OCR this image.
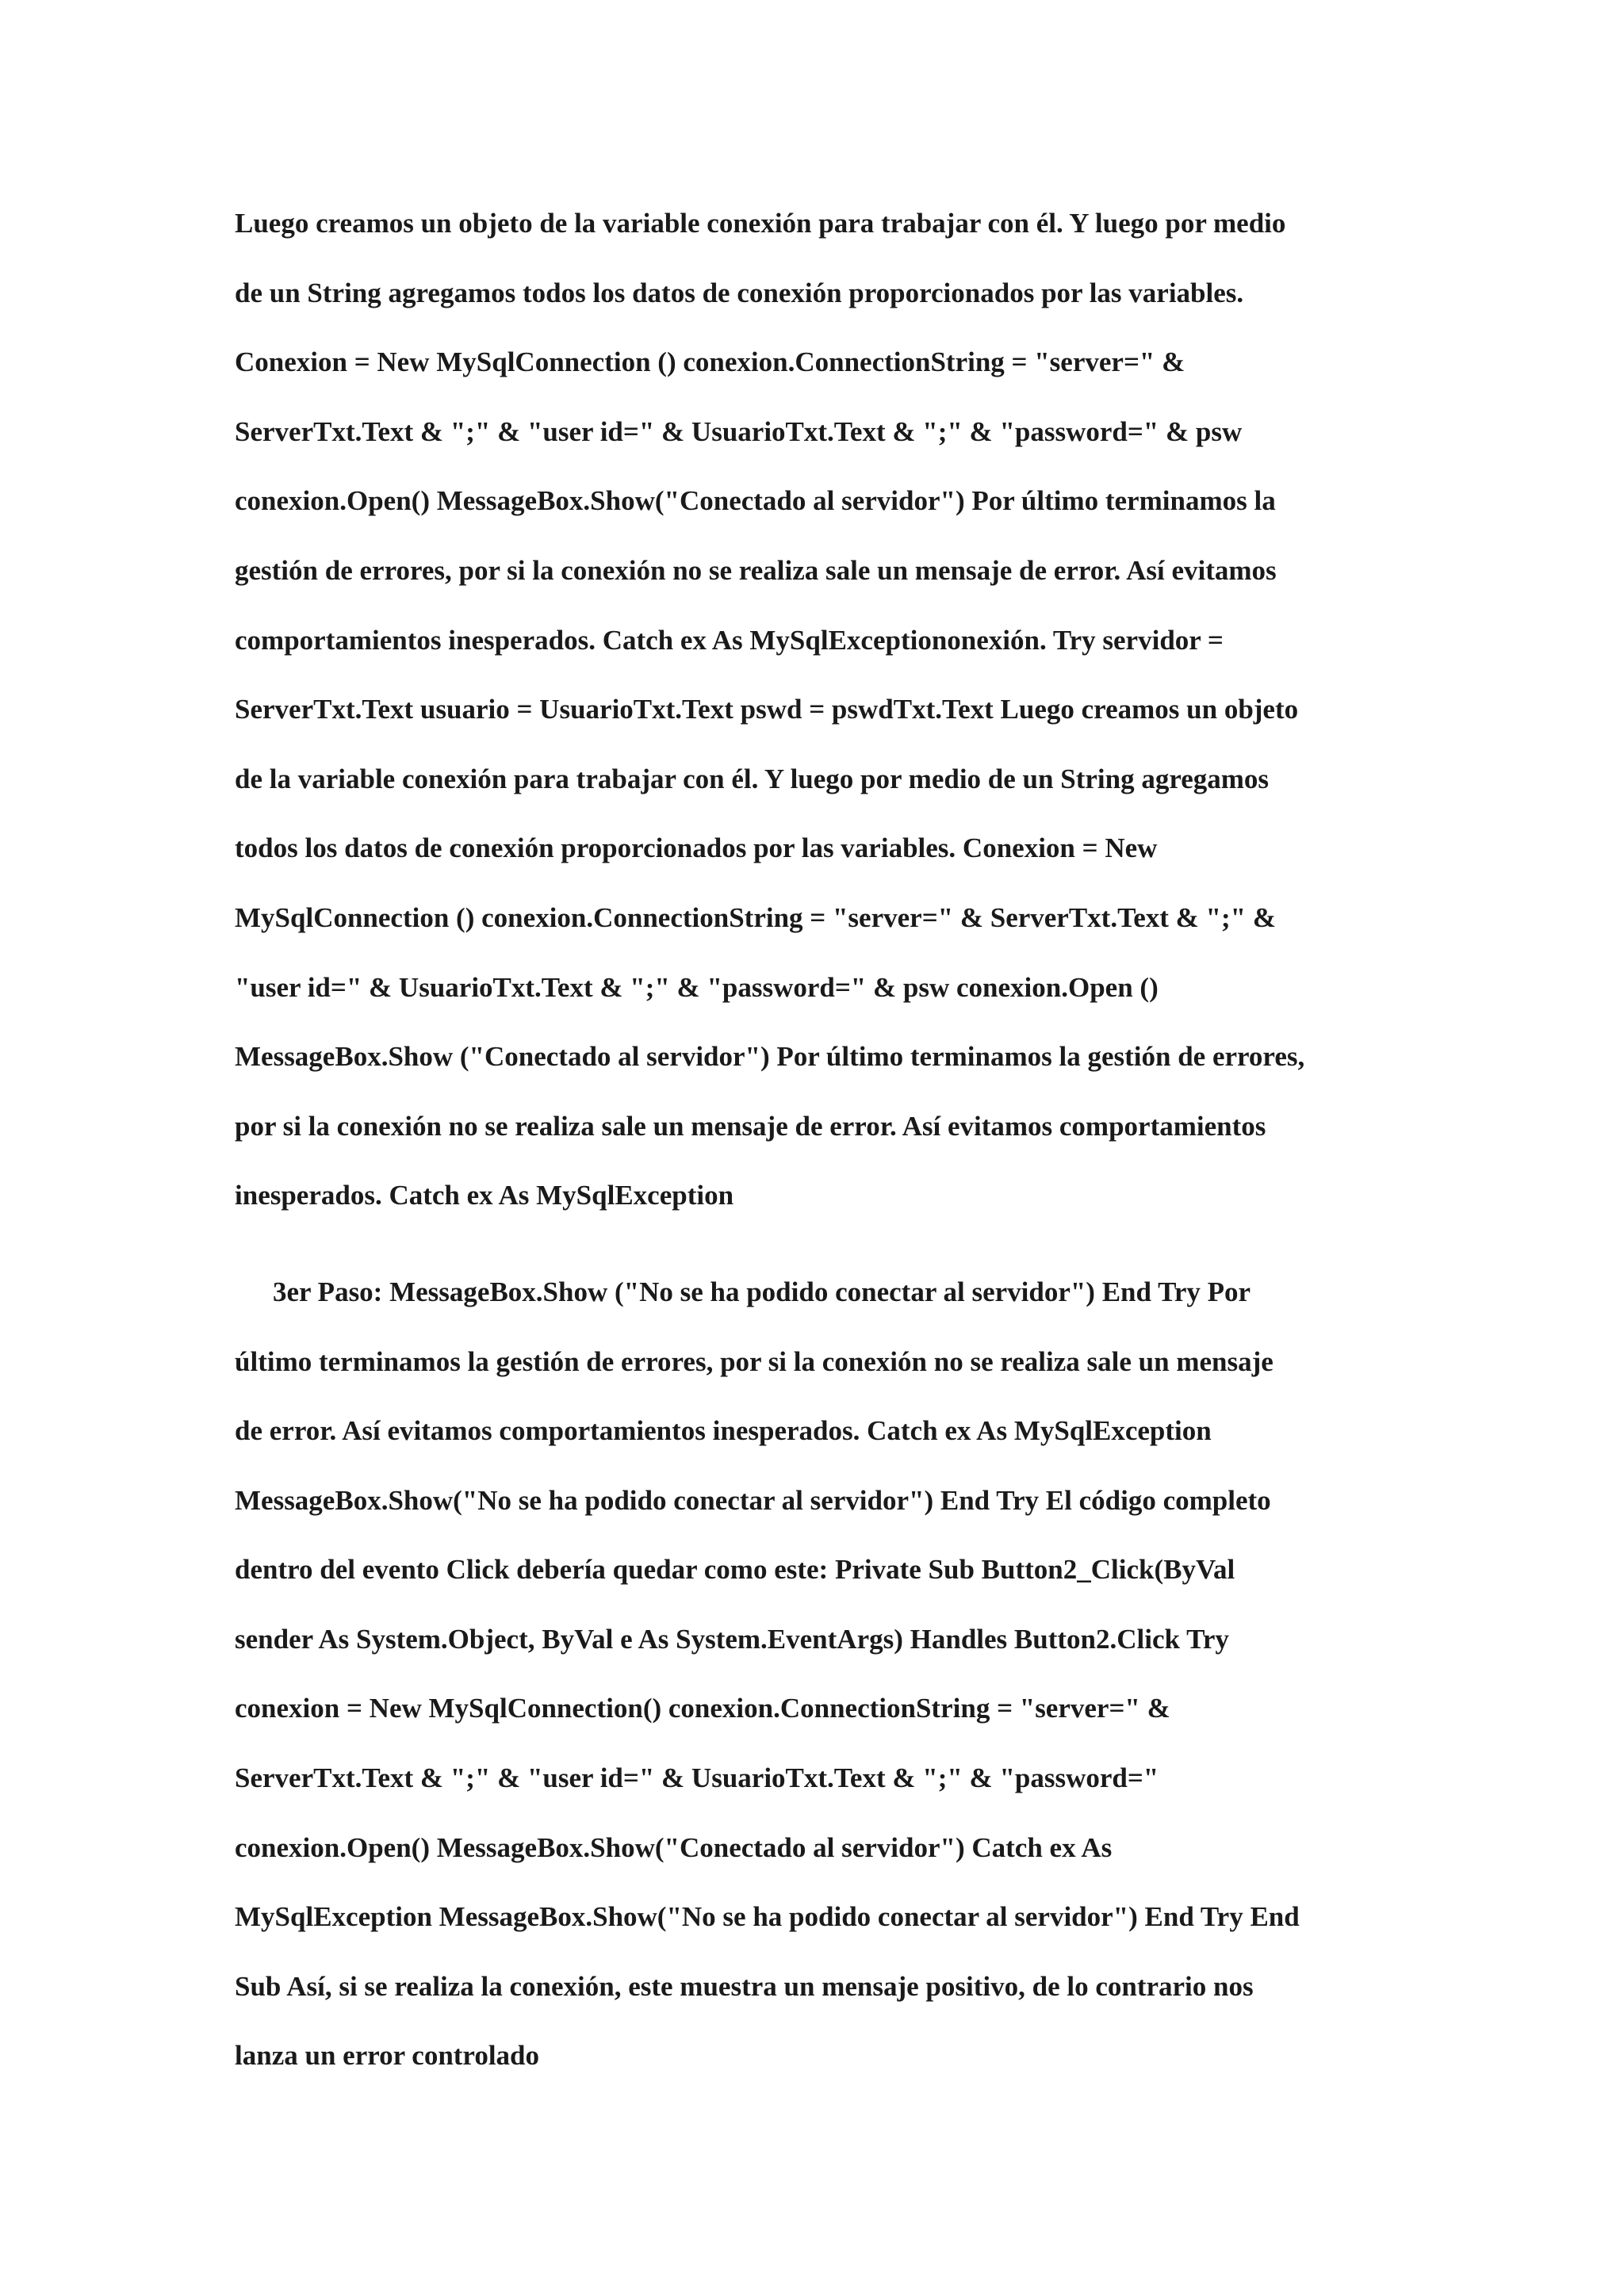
Luego creamos un objeto de la variable conexión para trabajar con él. Y luego por medio
de un String agregamos todos los datos de conexión proporcionados por las variables.
Conexion = New MySqlConnection () conexion.ConnectionString = "server=" &
ServerTxt.Text & ";" & "user id=" & UsuarioTxt.Text & ";" & "password=" & psw
conexion.Open() MessageBox.Show("Conectado al servidor") Por último terminamos la
gestión de errores, por si la conexión no se realiza sale un mensaje de error. Así evitamos
comportamientos inesperados. Catch ex As MySqlExceptiononexión. Try servidor =
ServerTxt.Text usuario = UsuarioTxt.Text pswd = pswdTxt.Text Luego creamos un objeto
de la variable conexión para trabajar con él. Y luego por medio de un String agregamos
todos los datos de conexión proporcionados por las variables. Conexion = New
MySqlConnection () conexion.ConnectionString = "server=" & ServerTxt.Text & ";" &
"user id=" & UsuarioTxt.Text & ";" & "password=" & psw conexion.Open ()
MessageBox.Show ("Conectado al servidor") Por último terminamos la gestión de errores,
por si la conexión no se realiza sale un mensaje de error. Así evitamos comportamientos
inesperados. Catch ex As MySqlException

3er Paso: MessageBox.Show ("No se ha podido conectar al servidor") End Try Por
último terminamos la gestión de errores, por si la conexión no se realiza sale un mensaje
de error. Así evitamos comportamientos inesperados. Catch ex As MySqlException
MessageBox.Show("No se ha podido conectar al servidor") End Try El código completo
dentro del evento Click debería quedar como este: Private Sub Button2_Click(ByVal
sender As System.Object, ByVal e As System.EventArgs) Handles Button2.Click Try
conexion = New MySqlConnection() conexion.ConnectionString = "server=" &
ServerTxt.Text & ";" & "user id=" & UsuarioTxt.Text & ";" & "password="
conexion.Open() MessageBox.Show("Conectado al servidor") Catch ex As
MySqlException MessageBox.Show("No se ha podido conectar al servidor") End Try End
Sub Así, si se realiza la conexión, este muestra un mensaje positivo, de lo contrario nos
lanza un error controlado
